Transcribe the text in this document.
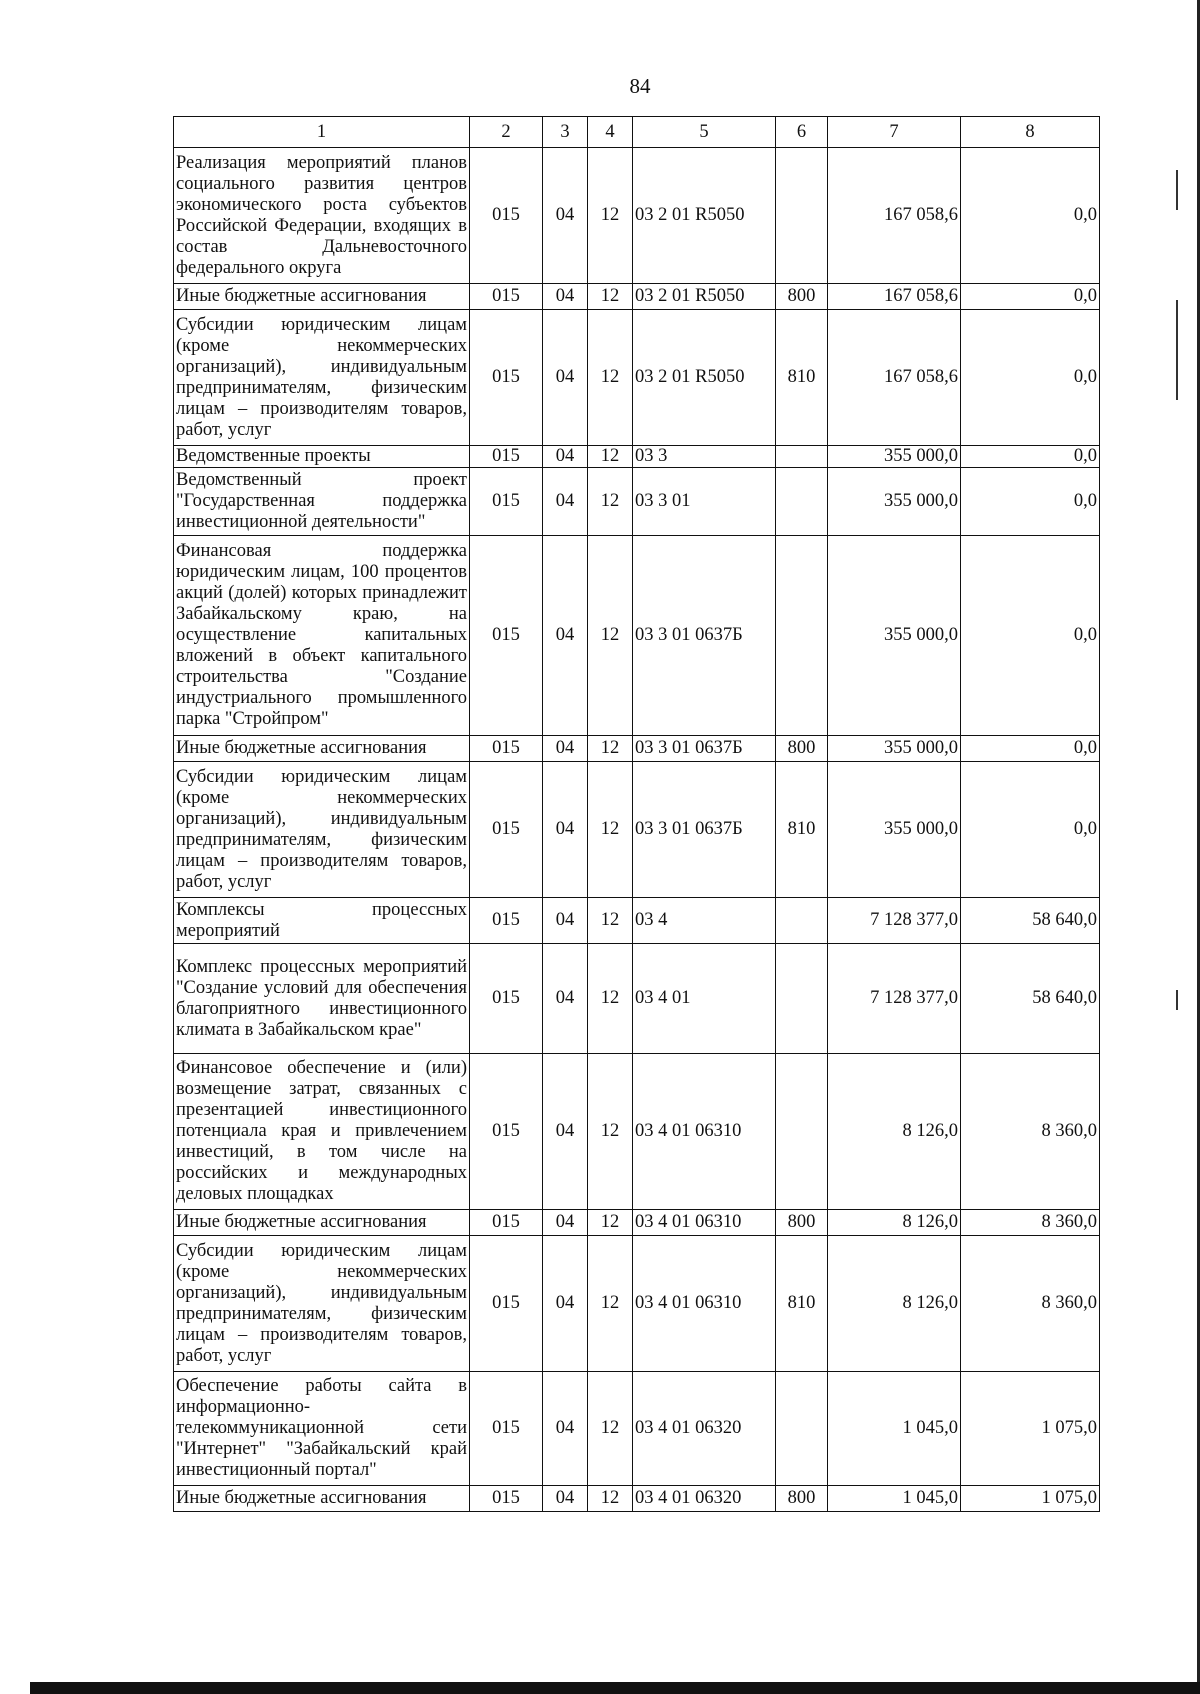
84
1	2	3	4	5	6	7	8
Реализация мероприятий планов социального развития центров экономического роста субъектов Российской Федерации, входящих в состав Дальневосточного федерального округа	015	04	12	03 2 01 R5050		167 058,6	0,0
Иные бюджетные ассигнования	015	04	12	03 2 01 R5050	800	167 058,6	0,0
Субсидии юридическим лицам (кроме некоммерческих организаций), индивидуальным предпринимателям, физическим лицам – производителям товаров, работ, услуг	015	04	12	03 2 01 R5050	810	167 058,6	0,0
Ведомственные проекты	015	04	12	03 3		355 000,0	0,0
Ведомственный проект "Государственная поддержка инвестиционной деятельности"	015	04	12	03 3 01		355 000,0	0,0
Финансовая поддержка юридическим лицам, 100 процентов акций (долей) которых принадлежит Забайкальскому краю, на осуществление капитальных вложений в объект капитального строительства "Создание индустриального промышленного парка "Стройпром"	015	04	12	03 3 01 0637Б		355 000,0	0,0
Иные бюджетные ассигнования	015	04	12	03 3 01 0637Б	800	355 000,0	0,0
Субсидии юридическим лицам (кроме некоммерческих организаций), индивидуальным предпринимателям, физическим лицам – производителям товаров, работ, услуг	015	04	12	03 3 01 0637Б	810	355 000,0	0,0
Комплексы процессных мероприятий	015	04	12	03 4		7 128 377,0	58 640,0
Комплекс процессных мероприятий "Создание условий для обеспечения благоприятного инвестиционного климата в Забайкальском крае"	015	04	12	03 4 01		7 128 377,0	58 640,0
Финансовое обеспечение и (или) возмещение затрат, связанных с презентацией инвестиционного потенциала края и привлечением инвестиций, в том числе на российских и международных деловых площадках	015	04	12	03 4 01 06310		8 126,0	8 360,0
Иные бюджетные ассигнования	015	04	12	03 4 01 06310	800	8 126,0	8 360,0
Субсидии юридическим лицам (кроме некоммерческих организаций), индивидуальным предпринимателям, физическим лицам – производителям товаров, работ, услуг	015	04	12	03 4 01 06310	810	8 126,0	8 360,0
Обеспечение работы сайта в информационно-телекоммуникационной сети "Интернет" "Забайкальский край инвестиционный портал"	015	04	12	03 4 01 06320		1 045,0	1 075,0
Иные бюджетные ассигнования	015	04	12	03 4 01 06320	800	1 045,0	1 075,0
